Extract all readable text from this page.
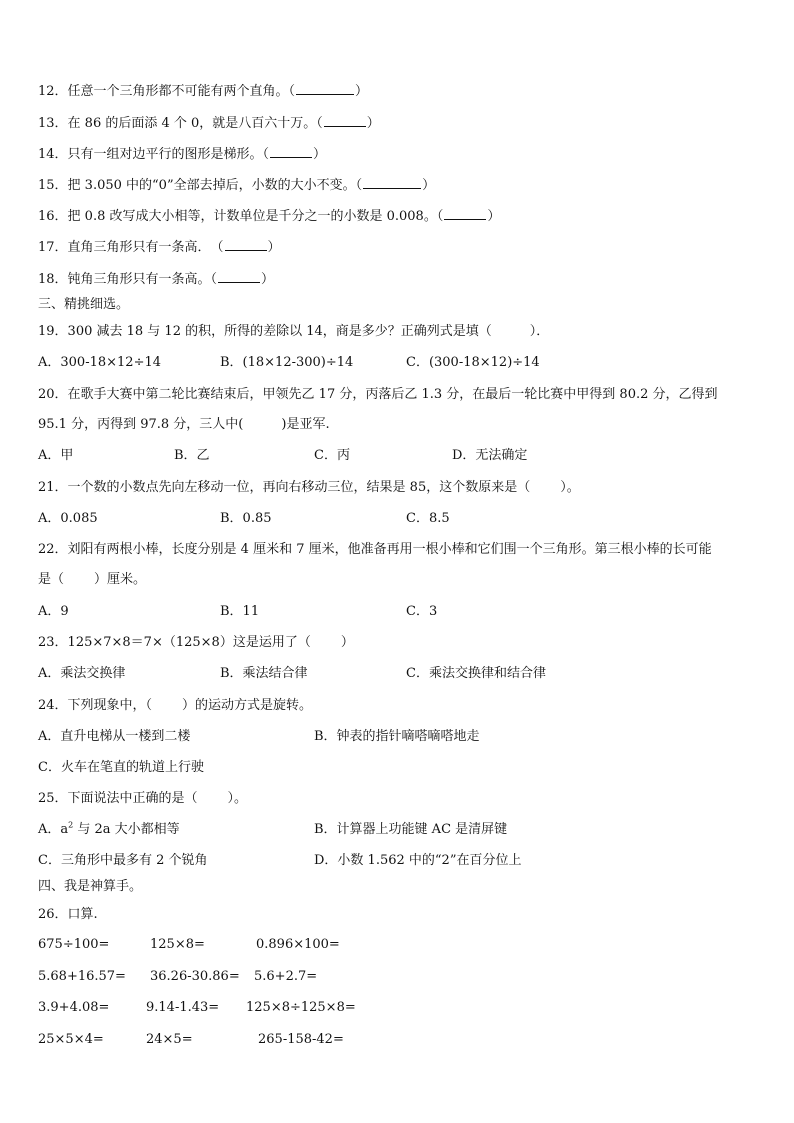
12．任意一个三角形都不可能有两个直角。（	）
13．在 86 的后面添 4 个 0，就是八百六十万。（	）
14．只有一组对边平行的图形是梯形。（	）
15．把 3.050 中的“0”全部去掉后，小数的大小不变。（	）
16．把 0.8 改写成大小相等，计数单位是千分之一的小数是 0.008。（	）
17．直角三角形只有一条高．　（	）
18．钝角三角形只有一条高。（	）
三、精挑细选。
19．300 减去 18 与 12 的积，所得的差除以 14，商是多少？正确列式是填（	）．
A．300-18×12÷14	B．(18×12-300)÷14	C．(300-18×12)÷14
20．在歌手大赛中第二轮比赛结束后，甲领先乙 17 分，丙落后乙 1.3 分，在最后一轮比赛中甲得到 80.2 分，乙得到
95.1 分，丙得到 97.8 分，三人中(	)是亚军.
A．甲	B．乙	C．丙	D．无法确定
21．一个数的小数点先向左移动一位，再向右移动三位，结果是 85，这个数原来是（ ）。
A．0.085	B．0.85	C．8.5
22．刘阳有两根小棒，长度分别是 4 厘米和 7 厘米，他准备再用一根小棒和它们围一个三角形。第三根小棒的长可能
是（ ）厘米。
A．9	B．11	C．3
23．125×7×8＝7×（125×8）这是运用了（ ）
A．乘法交换律	B．乘法结合律	C．乘法交换律和结合律
24．下列现象中，（ ）的运动方式是旋转。
A．直升电梯从一楼到二楼	B．钟表的指针嘀嗒嘀嗒地走
C．火车在笔直的轨道上行驶
25．下面说法中正确的是（ ）。
A．$a^2$ 与 2a 大小都相等	B．计算器上功能键 AC 是清屏键
C．三角形中最多有 2 个锐角	D．小数 1.562 中的“2”在百分位上
四、我是神算手。
26．口算.
675÷100=	125×8=	0.896×100=
5.68+16.57= 36.26-30.86= 5.6+2.7=
3.9+4.08=	9.14-1.43= 125×8÷125×8=
25×5×4=	24×5=	265-158-42=
